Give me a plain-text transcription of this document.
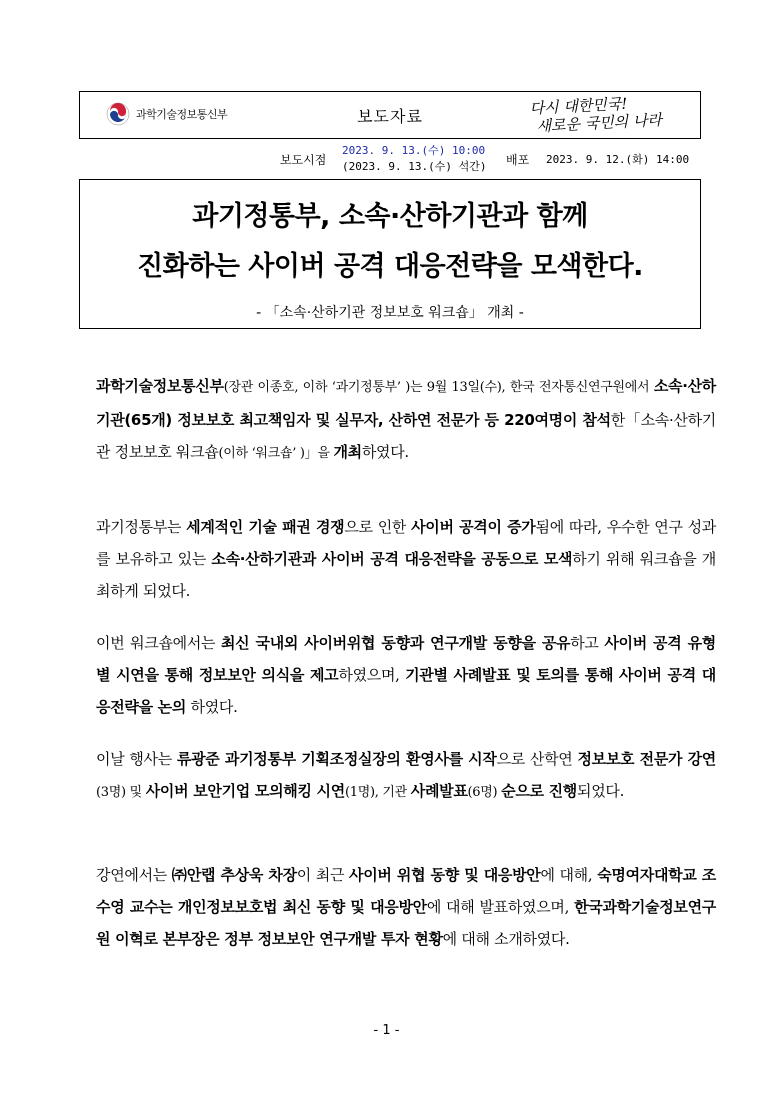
과학기술정보통신부	보도자료	다시 대한민국!
새로운 국민의 나라
보도시점
2023. 9. 13.(수) 10:00
(2023. 9. 13.(수) 석간) 배포 2023. 9. 12.(화) 14:00
과기정통부, 소속·산하기관과 함께
진화하는 사이버 공격 대응전략을 모색한다.
- 「소속·산하기관 정보보호 워크숍」 개최 -
과학기술정보통신부(장관 이종호, 이하 ‘과기정통부’ )는 9월 13일(수), 한국 전자통신연구원에서 소속·산하기관(65개) 정보보호 최고책임자 및 실무자, 산하연 전문가 등 220여명이 참석한「소속·산하기관 정보보호 워크숍(이하 ‘워크숍’ )」을 개최하였다.
과기정통부는 세계적인 기술 패권 경쟁으로 인한 사이버 공격이 증가됨에 따라, 우수한 연구 성과를 보유하고 있는 소속·산하기관과 사이버 공격 대응전략을 공동으로 모색하기 위해 워크숍을 개최하게 되었다.
이번 워크숍에서는 최신 국내외 사이버위협 동향과 연구개발 동향을 공유하고 사이버 공격 유형별 시연을 통해 정보보안 의식을 제고하였으며, 기관별 사례발표 및 토의를 통해 사이버 공격 대응전략을 논의 하였다.
이날 행사는 류광준 과기정통부 기획조정실장의 환영사를 시작으로 산학연 정보보호 전문가 강연(3명) 및 사이버 보안기업 모의해킹 시연(1명), 기관 사례발표(6명) 순으로 진행되었다.
강연에서는 ㈜안랩 추상욱 차장이 최근 사이버 위협 동향 및 대응방안에 대해, 숙명여자대학교 조수영 교수는 개인정보보호법 최신 동향 및 대응방안에 대해 발표하였으며, 한국과학기술정보연구원 이혁로 본부장은 정부 정보보안 연구개발 투자 현황에 대해 소개하였다.
- 1 -
